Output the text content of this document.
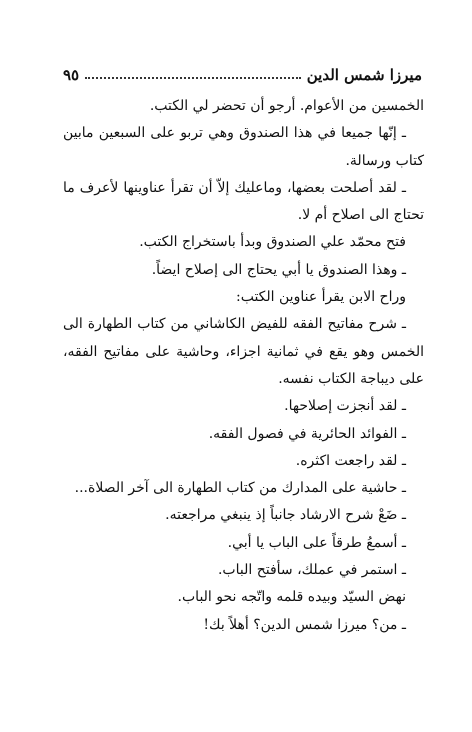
ميرزا شمس الدين
٩٥
الخمسين من الأعوام. أرجو أن تحضر لي الكتب.
ـ إنّها جميعا في هذا الصندوق وهي تربو على السبعين مابين
كتاب ورسالة.
ـ لقد أصلحت بعضها، وماعليك إلاّ أن تقرأ عناوينها لأعرف ما
تحتاج الى اصلاح أم لا.
فتح محمّد علي الصندوق وبدأ باستخراج الكتب.
ـ وهذا الصندوق يا أبي يحتاج الى إصلاح ايضاً.
وراح الابن يقرأ عناوين الكتب:
ـ شرح مفاتيح الفقه للفيض الكاشاني من كتاب الطهارة الى
الخمس وهو يقع في ثمانية اجزاء، وحاشية على مفاتيح الفقه،
على ديباجة الكتاب نفسه.
ـ لقد أنجزت إصلاحها.
ـ الفوائد الحائرية في فصول الفقه.
ـ لقد راجعت اكثره.
ـ حاشية على المدارك من كتاب الطهارة الى آخر الصلاة...
ـ ضَعْ شرح الارشاد جانباً إذ ينبغي مراجعته.
ـ أسمعُ طرقاً على الباب يا أبي.
ـ استمر في عملك، سأفتح الباب.
نهض السيّد وبيده قلمه واتّجه نحو الباب.
ـ من؟ ميرزا شمس الدين؟ أهلاً بك!
